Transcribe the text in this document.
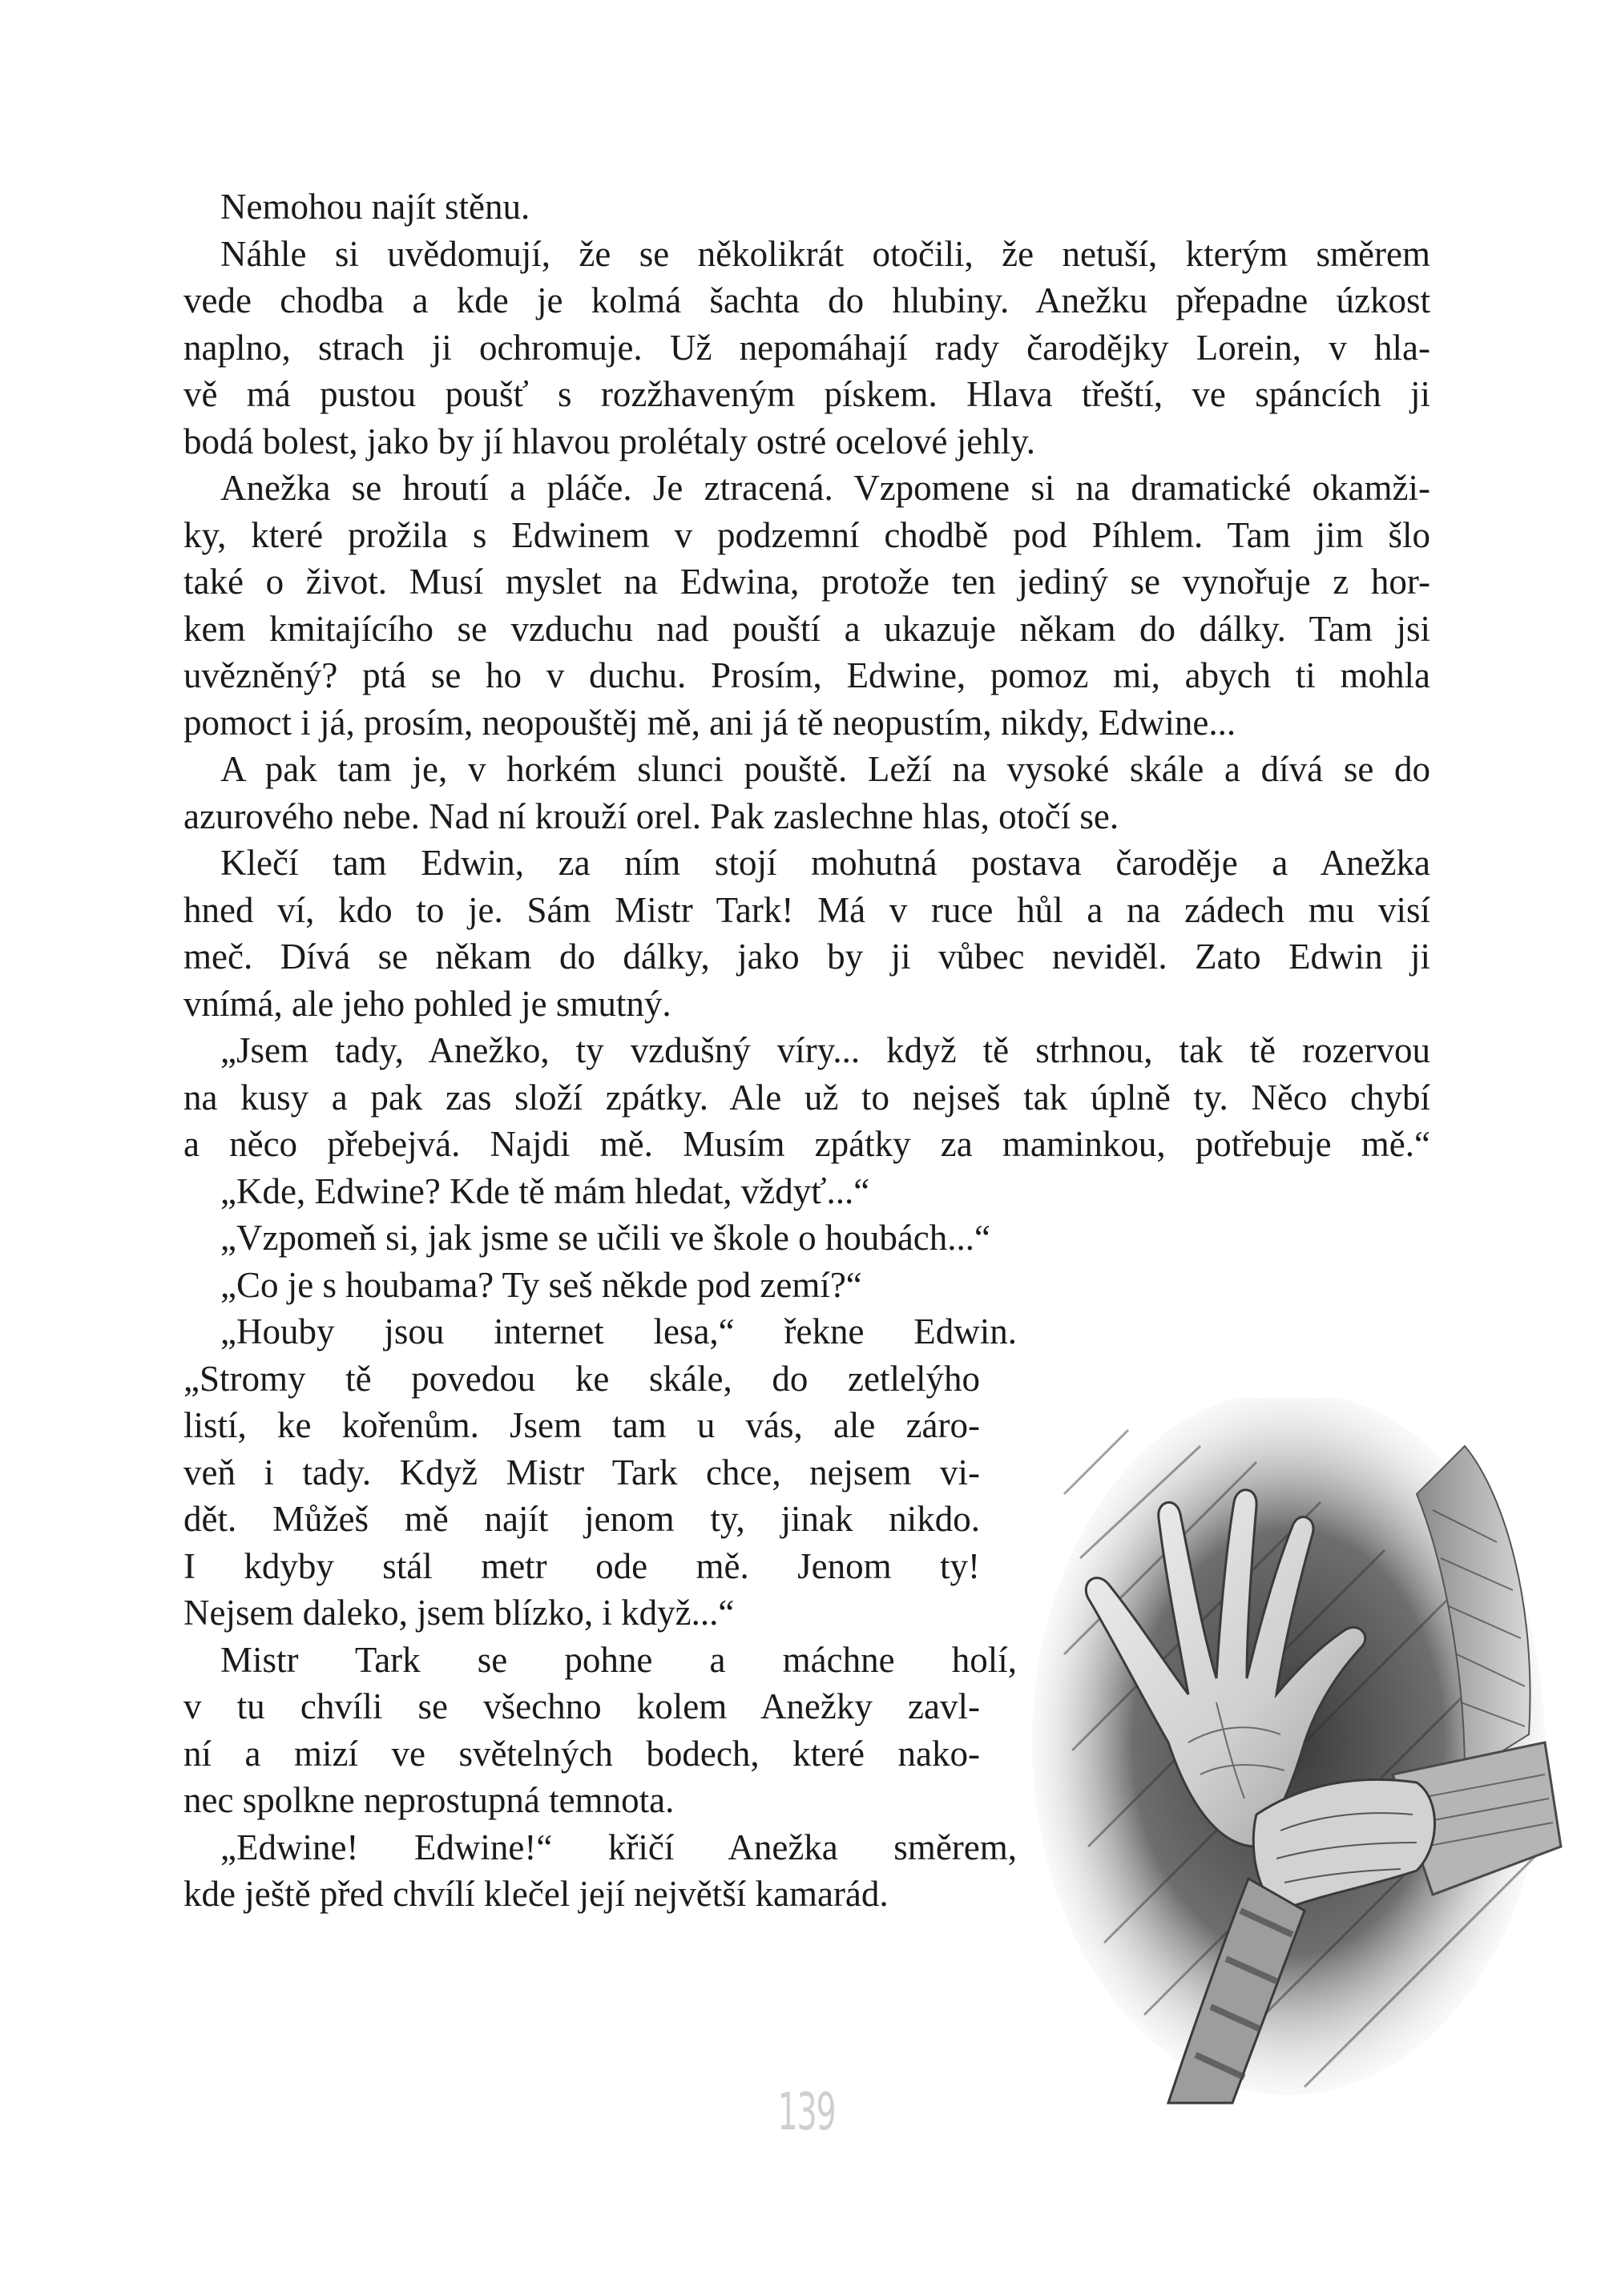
Nemohou najít stěnu.
Náhle si uvědomují, že se několikrát otočili, že netuší, kterým směrem
vede chodba a kde je kolmá šachta do hlubiny. Anežku přepadne úzkost
naplno, strach ji ochromuje. Už nepomáhají rady čarodějky Lorein, v hla-
vě má pustou poušť s rozžhaveným pískem. Hlava třeští, ve spáncích ji
bodá bolest, jako by jí hlavou prolétaly ostré ocelové jehly.
Anežka se hroutí a pláče. Je ztracená. Vzpomene si na dramatické okamži-
ky, které prožila s Edwinem v podzemní chodbě pod Píhlem. Tam jim šlo
také o život. Musí myslet na Edwina, protože ten jediný se vynořuje z hor-
kem kmitajícího se vzduchu nad pouští a ukazuje někam do dálky. Tam jsi
uvězněný? ptá se ho v duchu. Prosím, Edwine, pomoz mi, abych ti mohla
pomoct i já, prosím, neopouštěj mě, ani já tě neopustím, nikdy, Edwine...
A pak tam je, v horkém slunci pouště. Leží na vysoké skále a dívá se do
azurového nebe. Nad ní krouží orel. Pak zaslechne hlas, otočí se.
Klečí tam Edwin, za ním stojí mohutná postava čaroděje a Anežka
hned ví, kdo to je. Sám Mistr Tark! Má v ruce hůl a na zádech mu visí
meč. Dívá se někam do dálky, jako by ji vůbec neviděl. Zato Edwin ji
vnímá, ale jeho pohled je smutný.
„Jsem tady, Anežko, ty vzdušný víry... když tě strhnou, tak tě rozervou
na kusy a pak zas složí zpátky. Ale už to nejseš tak úplně ty. Něco chybí
a něco přebejvá. Najdi mě. Musím zpátky za maminkou, potřebuje mě.“
„Kde, Edwine? Kde tě mám hledat, vždyť...“
„Vzpomeň si, jak jsme se učili ve škole o houbách...“
„Co je s houbama? Ty seš někde pod zemí?“
„Houby jsou internet lesa,“ řekne Edwin.
„Stromy tě povedou ke skále, do zetlelýho
listí, ke kořenům. Jsem tam u vás, ale záro-
veň i tady. Když Mistr Tark chce, nejsem vi-
dět. Můžeš mě najít jenom ty, jinak nikdo.
I kdyby stál metr ode mě. Jenom ty!
Nejsem daleko, jsem blízko, i když...“
Mistr Tark se pohne a máchne holí,
v tu chvíli se všechno kolem Anežky zavl-
ní a mizí ve světelných bodech, které nako-
nec spolkne neprostupná temnota.
„Edwine! Edwine!“ křičí Anežka směrem,
kde ještě před chvílí klečel její největší kamarád.
139
